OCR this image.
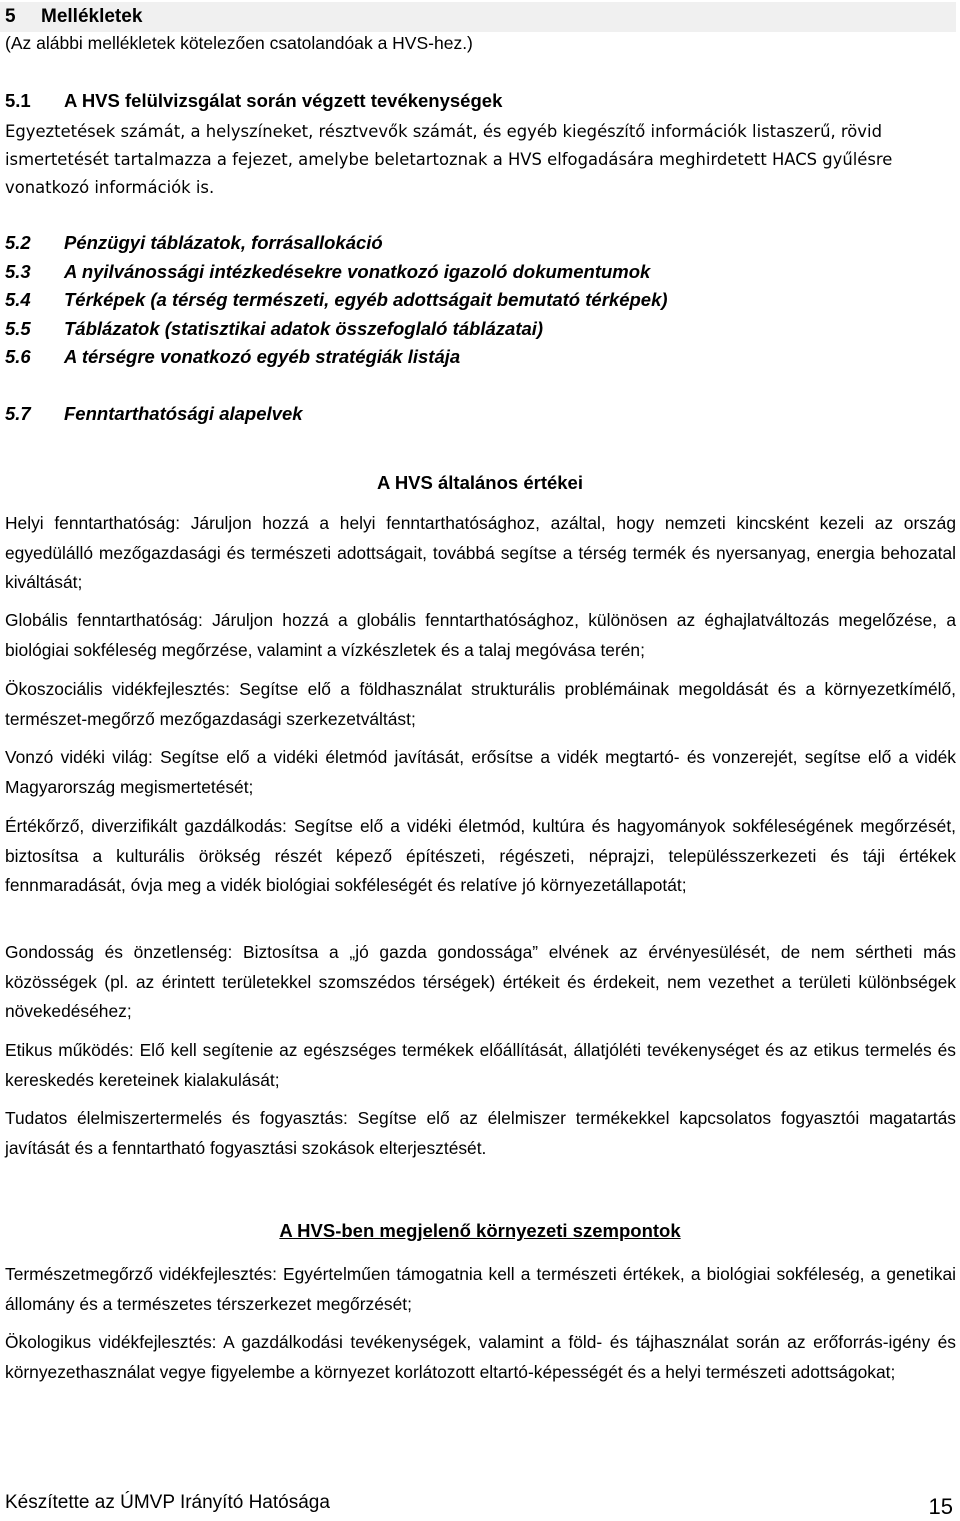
5 Mellékletek
(Az alábbi mellékletek kötelezően csatolandóak a HVS-hez.)
5.1 A HVS felülvizsgálat során végzett tevékenységek
Egyeztetések számát, a helyszíneket, résztvevők számát, és egyéb kiegészítő információk listaszerű, rövid ismertetését tartalmazza a fejezet, amelybe beletartoznak a HVS elfogadására meghirdetett HACS gyűlésre vonatkozó információk is.
5.2 Pénzügyi táblázatok, forrásallokáció
5.3 A nyilvánossági intézkedésekre vonatkozó igazoló dokumentumok
5.4 Térképek (a térség természeti, egyéb adottságait bemutató térképek)
5.5 Táblázatok (statisztikai adatok összefoglaló táblázatai)
5.6 A térségre vonatkozó egyéb stratégiák listája
5.7 Fenntarthatósági alapelvek
A HVS általános értékei
Helyi fenntarthatóság: Járuljon hozzá a helyi fenntarthatósághoz, azáltal, hogy nemzeti kincsként kezeli az ország egyedülálló mezőgazdasági és természeti adottságait, továbbá segítse a térség termék és nyersanyag, energia behozatal kiváltását;
Globális fenntarthatóság: Járuljon hozzá a globális fenntarthatósághoz, különösen az éghajlatváltozás megelőzése, a biológiai sokféleség megőrzése, valamint a vízkészletek és a talaj megóvása terén;
Ökoszociális vidékfejlesztés: Segítse elő a földhasználat strukturális problémáinak megoldását és a környezetkímélő, természet-megőrző mezőgazdasági szerkezetváltást;
Vonzó vidéki világ: Segítse elő a vidéki életmód javítását, erősítse a vidék megtartó- és vonzerejét, segítse elő a vidék Magyarország megismertetését;
Értékőrző, diverzifikált gazdálkodás: Segítse elő a vidéki életmód, kultúra és hagyományok sokféleségének megőrzését, biztosítsa a kulturális örökség részét képező építészeti, régészeti, néprajzi, településszerkezeti és táji értékek fennmaradását, óvja meg a vidék biológiai sokféleségét és relatíve jó környezetállapotát;
Gondosság és önzetlenség: Biztosítsa a „jó gazda gondossága” elvének az érvényesülését, de nem sértheti más közösségek (pl. az érintett területekkel szomszédos térségek) értékeit és érdekeit, nem vezethet a területi különbségek növekedéséhez;
Etikus működés: Elő kell segítenie az egészséges termékek előállítását, állatjóléti tevékenységet és az etikus termelés és kereskedés kereteinek kialakulását;
Tudatos élelmiszertermelés és fogyasztás: Segítse elő az élelmiszer termékekkel kapcsolatos fogyasztói magatartás javítását és a fenntartható fogyasztási szokások elterjesztését.
A HVS-ben megjelenő környezeti szempontok
Természetmegőrző vidékfejlesztés: Egyértelműen támogatnia kell a természeti értékek, a biológiai sokféleség, a genetikai állomány és a természetes térszerkezet megőrzését;
Ökologikus vidékfejlesztés: A gazdálkodási tevékenységek, valamint a föld- és tájhasználat során az erőforrás-igény és környezethasználat vegye figyelembe a környezet korlátozott eltartó-képességét és a helyi természeti adottságokat;
Készítette az ÚMVP Irányító Hatósága	15
